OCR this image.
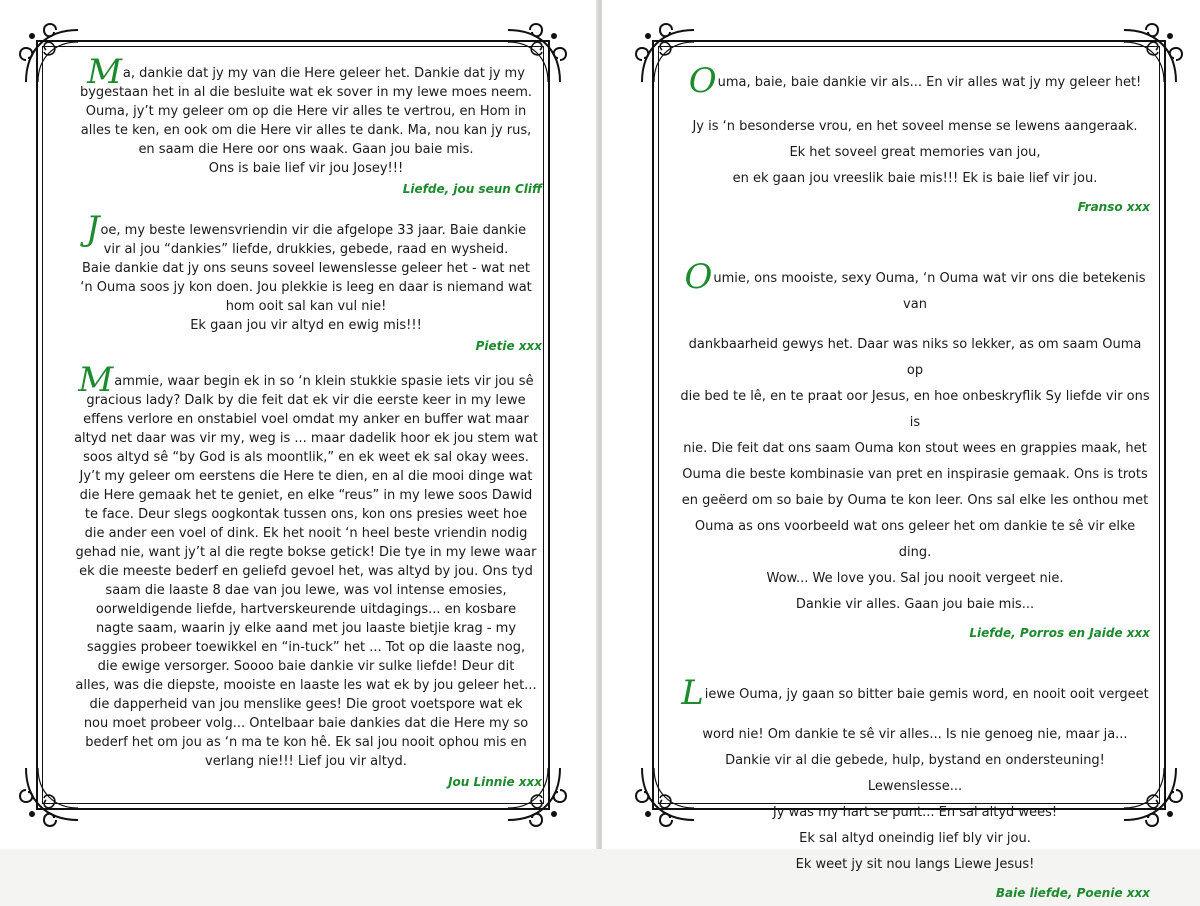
Ma, dankie dat jy my van die Here geleer het. Dankie dat jy my

bygestaan het in al die besluite wat ek sover in my lewe moes neem.

Ouma, jy’t my geleer om op die Here vir alles te vertrou, en Hom in

alles te ken, en ook om die Here vir alles te dank. Ma, nou kan jy rus,

en saam die Here oor ons waak. Gaan jou baie mis.

Ons is baie lief vir jou Josey!!!

Liefde, jou seun Cliff

Joe, my beste lewensvriendin vir die afgelope 33 jaar. Baie dankie

vir al jou “dankies” liefde, drukkies, gebede, raad en wysheid.

Baie dankie dat jy ons seuns soveel lewenslesse geleer het - wat net

‘n Ouma soos jy kon doen. Jou plekkie is leeg en daar is niemand wat

hom ooit sal kan vul nie!

Ek gaan jou vir altyd en ewig mis!!!

Pietie xxx

Mammie, waar begin ek in so ‘n klein stukkie spasie iets vir jou sê

gracious lady? Dalk by die feit dat ek vir die eerste keer in my lewe

effens verlore en onstabiel voel omdat my anker en buffer wat maar

altyd net daar was vir my, weg is ... maar dadelik hoor ek jou stem wat

soos altyd sê “by God is als moontlik,” en ek weet ek sal okay wees.

Jy’t my geleer om eerstens die Here te dien, en al die mooi dinge wat

die Here gemaak het te geniet, en elke “reus” in my lewe soos Dawid

te face. Deur slegs oogkontak tussen ons, kon ons presies weet hoe

die ander een voel of dink. Ek het nooit ‘n heel beste vriendin nodig

gehad nie, want jy’t al die regte bokse getick! Die tye in my lewe waar

ek die meeste bederf en geliefd gevoel het, was altyd by jou. Ons tyd

saam die laaste 8 dae van jou lewe, was vol intense emosies,

oorweldigende liefde, hartverskeurende uitdagings... en kosbare

nagte saam, waarin jy elke aand met jou laaste bietjie krag - my

saggies probeer toewikkel en “in-tuck” het ... Tot op die laaste nog,

die ewige versorger. Soooo baie dankie vir sulke liefde! Deur dit

alles, was die diepste, mooiste en laaste les wat ek by jou geleer het...

die dapperheid van jou menslike gees! Die groot voetspore wat ek

nou moet probeer volg... Ontelbaar baie dankies dat die Here my so

bederf het om jou as ‘n ma te kon hê. Ek sal jou nooit ophou mis en

verlang nie!!! Lief jou vir altyd.

Jou Linnie xxx

Ouma, baie, baie dankie vir als... En vir alles wat jy my geleer het!

Jy is ‘n besonderse vrou, en het soveel mense se lewens aangeraak.

Ek het soveel great memories van jou,

en ek gaan jou vreeslik baie mis!!! Ek is baie lief vir jou.

Franso xxx

Oumie, ons mooiste, sexy Ouma, ‘n Ouma wat vir ons die betekenis van

dankbaarheid gewys het. Daar was niks so lekker, as om saam Ouma op

die bed te lê, en te praat oor Jesus, en hoe onbeskryflik Sy liefde vir ons is

nie. Die feit dat ons saam Ouma kon stout wees en grappies maak, het

Ouma die beste kombinasie van pret en inspirasie gemaak. Ons is trots

en geëerd om so baie by Ouma te kon leer. Ons sal elke les onthou met

Ouma as ons voorbeeld wat ons geleer het om dankie te sê vir elke ding.

Wow... We love you. Sal jou nooit vergeet nie.

Dankie vir alles. Gaan jou baie mis...

Liefde, Porros en Jaide xxx

Liewe Ouma, jy gaan so bitter baie gemis word, en nooit ooit vergeet

word nie! Om dankie te sê vir alles... Is nie genoeg nie, maar ja...

Dankie vir al die gebede, hulp, bystand en ondersteuning! Lewenslesse...

Jy was my hart se punt... En sal altyd wees!

Ek sal altyd oneindig lief bly vir jou.

Ek weet jy sit nou langs Liewe Jesus!

Baie liefde, Poenie xxx
